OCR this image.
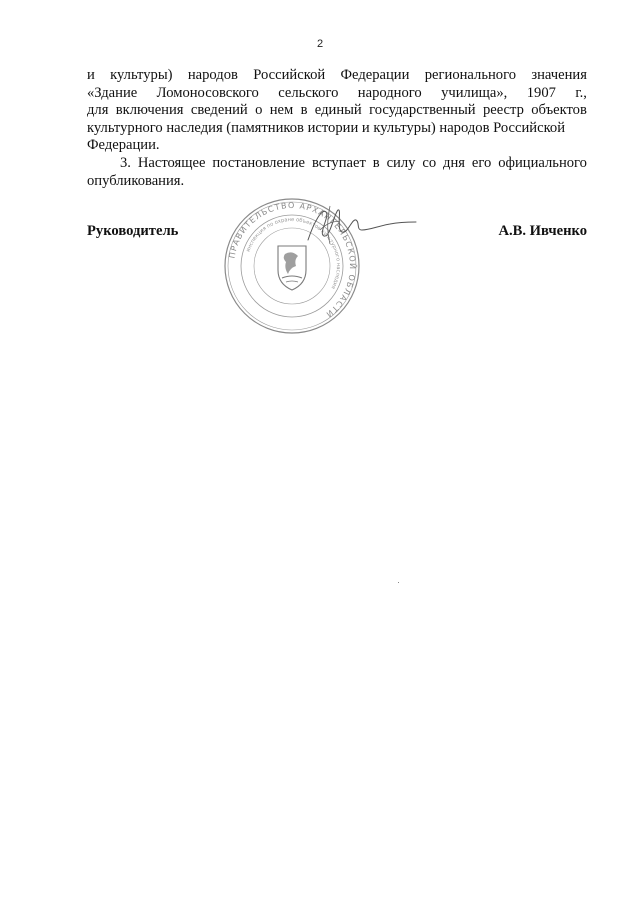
2
и культуры) народов Российской Федерации регионального значения
«Здание Ломоносовского сельского народного училища», 1907 г.,
для включения сведений о нем в единый государственный реестр объектов
культурного наследия (памятников истории и культуры) народов Российской
Федерации.
3. Настоящее постановление вступает в силу со дня его официального
опубликования.
Руководитель	А.В. Ивченко
ПРАВИТЕЛЬСТВО АРХАНГЕЛЬСКОЙ ОБЛАСТИ
инспекция по охране объектов культурного наследия
